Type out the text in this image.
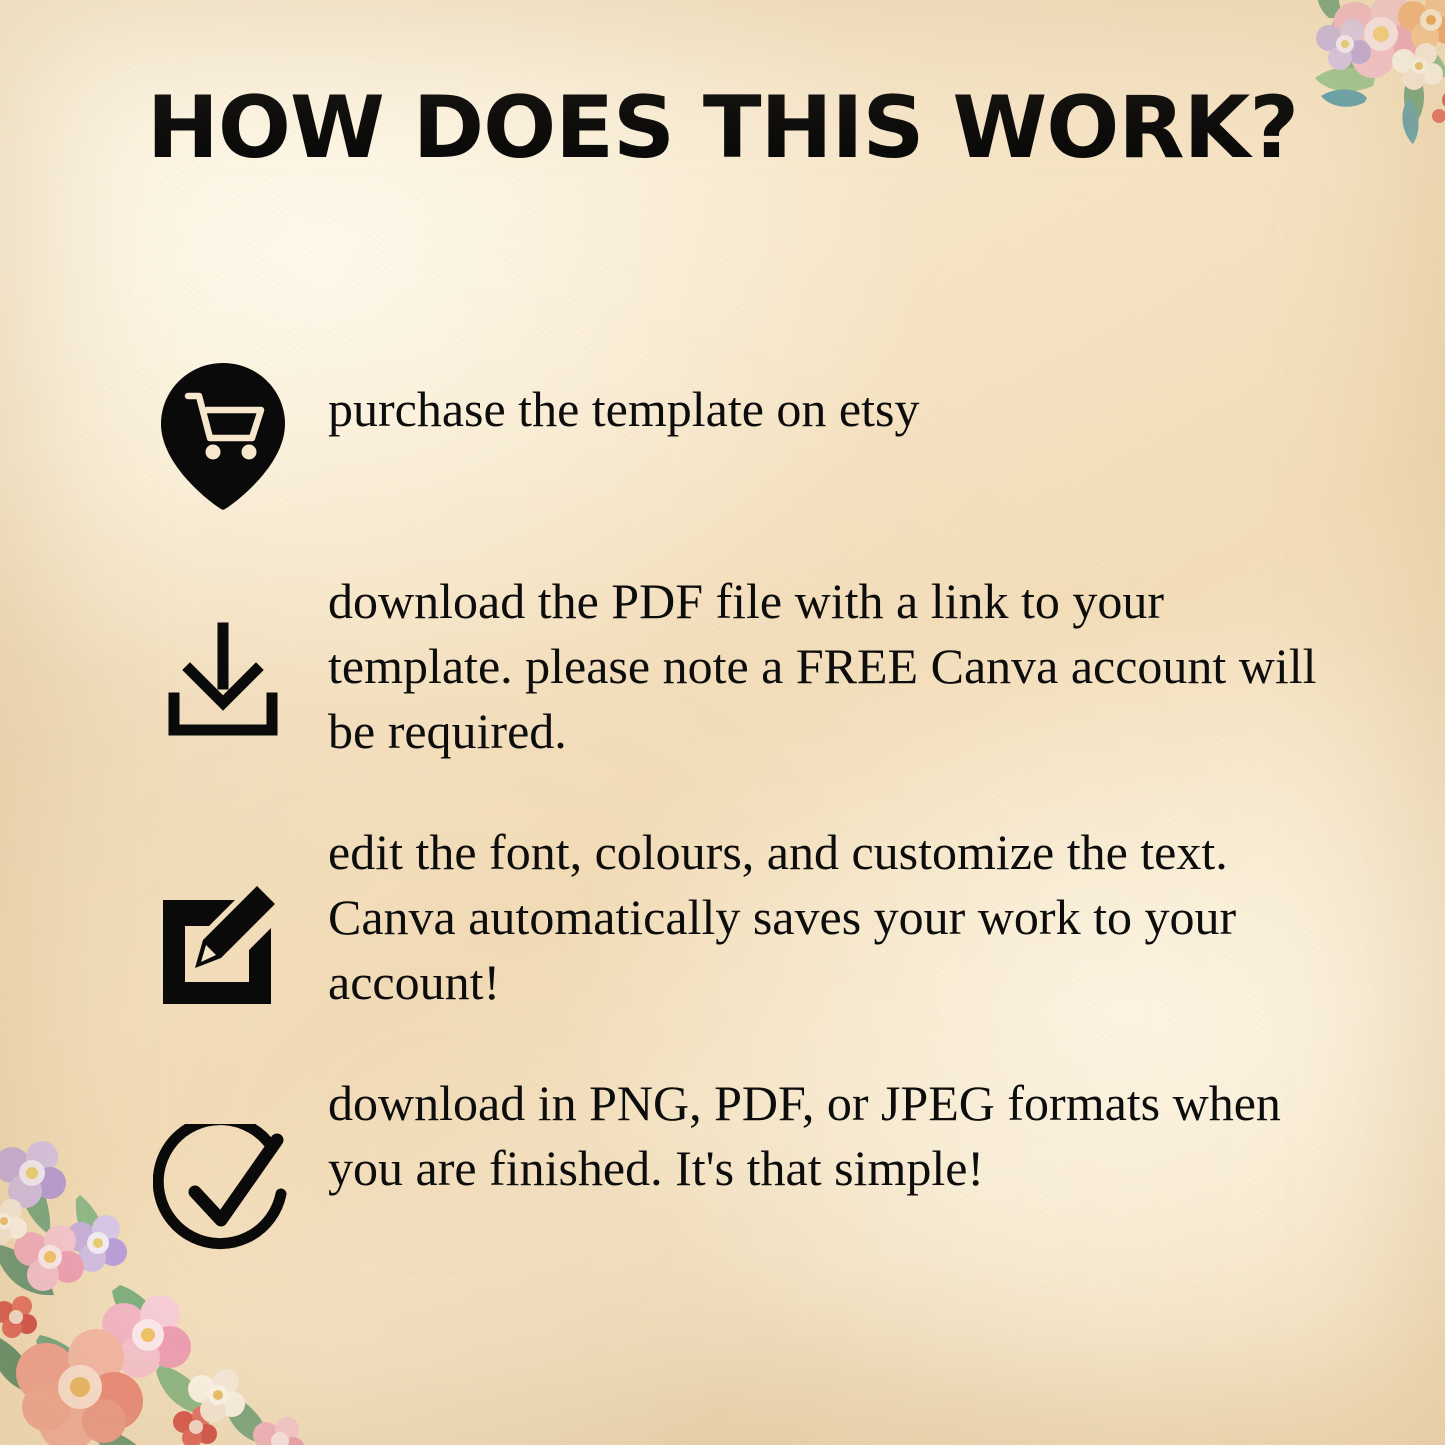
HOW DOES THIS WORK?
purchase the template on etsy
download the PDF file with a link to your template. please note a FREE Canva account will be required.
edit the font, colours, and customize the text. Canva automatically saves your work to your account!
download in PNG, PDF, or JPEG formats when you are finished. It's that simple!
